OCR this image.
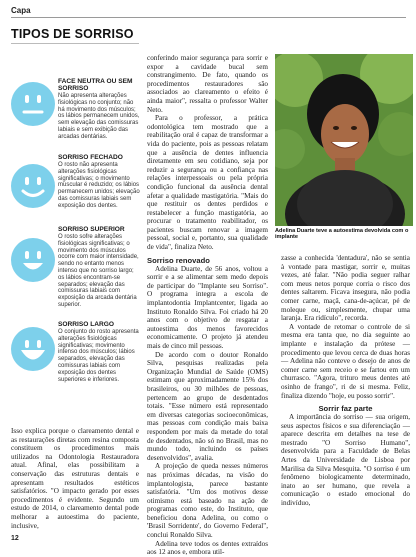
Capa
TIPOS DE SORRISO
FACE NEUTRA OU SEM SORRISO
Não apresenta alterações fisiológicas no conjunto; não há movimento dos músculos; os lábios permanecem unidos, sem elevação das comissuras labiais e sem exibição das arcadas dentárias.
SORRISO FECHADO
O rosto não apresenta alterações fisiológicas significativas; o movimento muscular é reduzido; os lábios permanecem unidos; elevação das comissuras labiais sem exposição dos dentes.
SORRISO SUPERIOR
O rosto sofre alterações fisiológicas significativas; o movimento dos músculos ocorre com maior intensidade, sendo no entanto menos intenso que no sorriso largo; os lábios encontram-se separados; elevação das comissuras labiais com exposição da arcada dentária superior.
SORRISO LARGO
O conjunto do rosto apresenta alterações fisiológicas significativas; movimento intenso dos músculos; lábios separados, elevação das comissuras labiais com exposição dos dentes superiores e inferiores.

Isso explica porque o clareamento dental e as restaurações diretas com resina composta constituem os procedimentos mais utilizados na Odontologia Restauradora atual. Afinal, elas possibilitam a conservação das estruturas dentais e apresentam resultados estéticos satisfatórios. "O impacto gerado por esses procedimentos é evidente. Segundo um estudo de 2014, o clareamento dental pode melhorar a autoestima do paciente, inclusive,

conferindo maior segurança para sorrir e expor a cavidade bucal sem constrangimento. De fato, quando os procedimentos restauradores são associados ao clareamento o efeito é ainda maior", ressalta o professor Walter Neto.

Para o professor, a prática odontológica tem mostrado que a reabilitação oral é capaz de transformar a vida do paciente, pois as pessoas relatam que a ausência de dentes influencia diretamente em seu cotidiano, seja por reduzir a segurança ou a confiança nas relações interpessoais ou pela própria condição funcional da ausência dental afetar a qualidade mastigatória. "Mais do que restituir os dentes perdidos e restabelecer a função mastigatória, ao procurar o tratamento reabilitador, os pacientes buscam renovar a imagem pessoal, social e, portanto, sua qualidade de vida", finaliza Neto.

Sorriso renovado

Adelina Duarte, de 56 anos, voltou a sorrir e a se alimentar sem medo depois de participar do "Implante seu Sorriso". O programa integra a escola de implantodontia Implantcenter, ligada ao Instituto Ronaldo Silva. Foi criado há 20 anos com o objetivo de resgatar a autoestima dos menos favorecidos economicamente. O projeto já atendeu mais de cinco mil pessoas.

De acordo com o doutor Ronaldo Silva, pesquisas realizadas pela Organização Mundial de Saúde (OMS) estimam que aproximadamente 15% dos brasileiros, ou 30 milhões de pessoas, pertencem ao grupo de desdentados totais. "Esse número está representado em diversas categorias socioeconômicas, mas pessoas com condição mais baixa respondem por mais da metade do total de desdentados, não só no Brasil, mas no mundo todo, incluindo os países desenvolvidos", avalia.

A projeção de queda nesses números nas próximas décadas, na visão do implantologista, parece bastante satisfatória. "Um dos motivos desse otimismo está baseado na ação de programas como este, do Instituto, que beneficiou dona Adelina, ou como o 'Brasil Sorridente', do Governo Federal", conclui Ronaldo Silva.

Adelina teve todos os dentes extraídos aos 12 anos e, embora util-

Adelina Duarte teve a autoestima devolvida com o implante

zasse a conhecida 'dentadura', não se sentia à vontade para mastigar, sorrir e, muitas vezes, até falar. "Não podia seguer ralhar com meus netos porque corria o risco dos dentes saltarem. Ficava insegura, não podia comer carne, maçã, cana-de-açúcar, pé de moleque ou, simplesmente, chupar uma laranja. Era ridículo", recorda.

A vontade de retomar o controle de si mesma era tanta que, no dia seguinte ao implante e instalação da prótese — procedimento que levou cerca de duas horas — Adelina não conteve o desejo de anos de comer carne sem receio e se fartou em um churrasco. "Agora, trituro meus dentes até osinho de frango", ri de si mesma. Feliz, finaliza dizendo "hoje, eu posso sorrir".

Sorrir faz parte

A importância do sorriso — sua origem, seus aspectos físicos e sua diferenciação — aparece descrita em detalhes na tese de mestrado "O Sorriso Humano", desenvolvida para a Faculdade de Belas Artes da Universidade de Lisboa por Marilisa da Silva Mesquita. "O sorriso é um fenômeno biologicamente determinado, inato ao ser humano, que revela a comunicação o estado emocional do indivíduo,

12
